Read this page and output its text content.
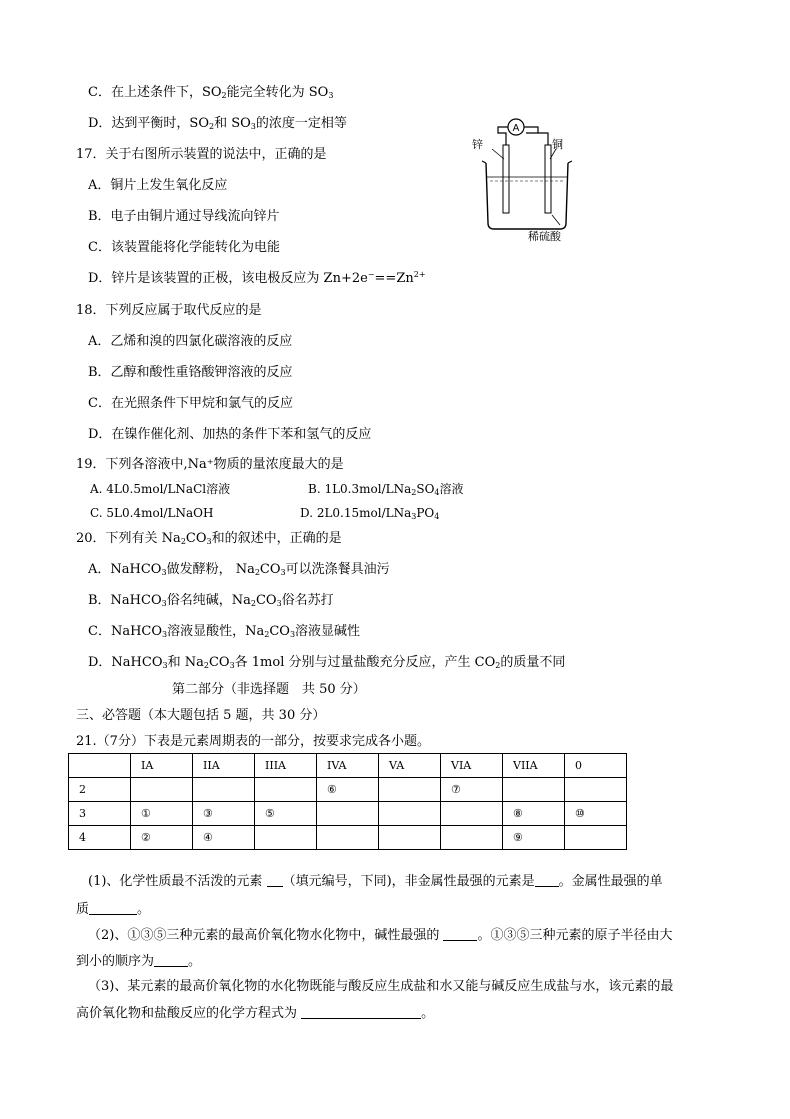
C．在上述条件下，$SO_2$能完全转化为 $SO_3$
D．达到平衡时，$SO_2$和 $SO_3$的浓度一定相等
17．关于右图所示装置的说法中，正确的是
A．铜片上发生氧化反应
B．电子由铜片通过导线流向锌片
C．该装置能将化学能转化为电能
D．锌片是该装置的正极，该电极反应为 $Zn+2e^-==Zn^{2+}$
A
锌	铜
稀硫酸
18．下列反应属于取代反应的是
A．乙烯和溴的四氯化碳溶液的反应
B．乙醇和酸性重铬酸钾溶液的反应
C．在光照条件下甲烷和氯气的反应
D．在镍作催化剂、加热的条件下苯和氢气的反应
19．下列各溶液中,Na⁺物质的量浓度最大的是
A. 4L0.5mol/LNaCl溶液	B. $1L0.3mol/LNa_2SO_4$溶液
C. 5L0.4mol/LNaOH	D. $2L0.15mol/LNa_3PO_4$
20．下列有关 $Na_2CO_3$和的叙述中，正确的是
A．NaHCO$_3$做发酵粉， $Na_2CO_3$可以洗涤餐具油污
B．NaHCO$_3$俗名纯碱，$Na_2CO_3$俗名苏打
C．NaHCO$_3$溶液显酸性，$Na_2CO_3$溶液显碱性
D．NaHCO$_3$和 $Na_2CO_3$各 1mol 分别与过量盐酸充分反应，产生 $CO_2$的质量不同
第二部分（非选择题　共 50 分）
三、必答题（本大题包括 5 题，共 30 分）
21.（7分）下表是元素周期表的一部分，按要求完成各小题。
	IA	IIA	IIIA	IVA	VA	VIA	VIIA	0
2				⑥		⑦		
3	①	③	⑤				⑧	⑩
4	②	④					⑨	
(1)、化学性质最不活泼的元素 （填元编号，下同)，非金属性最强的元素是 。金属性最强的单
质	。
（2)、①③⑤三种元素的最高价氧化物水化物中，碱性最强的	。①③⑤三种元素的原子半径由大
到小的顺序为	。
（3)、某元素的最高价氧化物的水化物既能与酸反应生成盐和水又能与碱反应生成盐与水，该元素的最
高价氧化物和盐酸反应的化学方程式为	。
